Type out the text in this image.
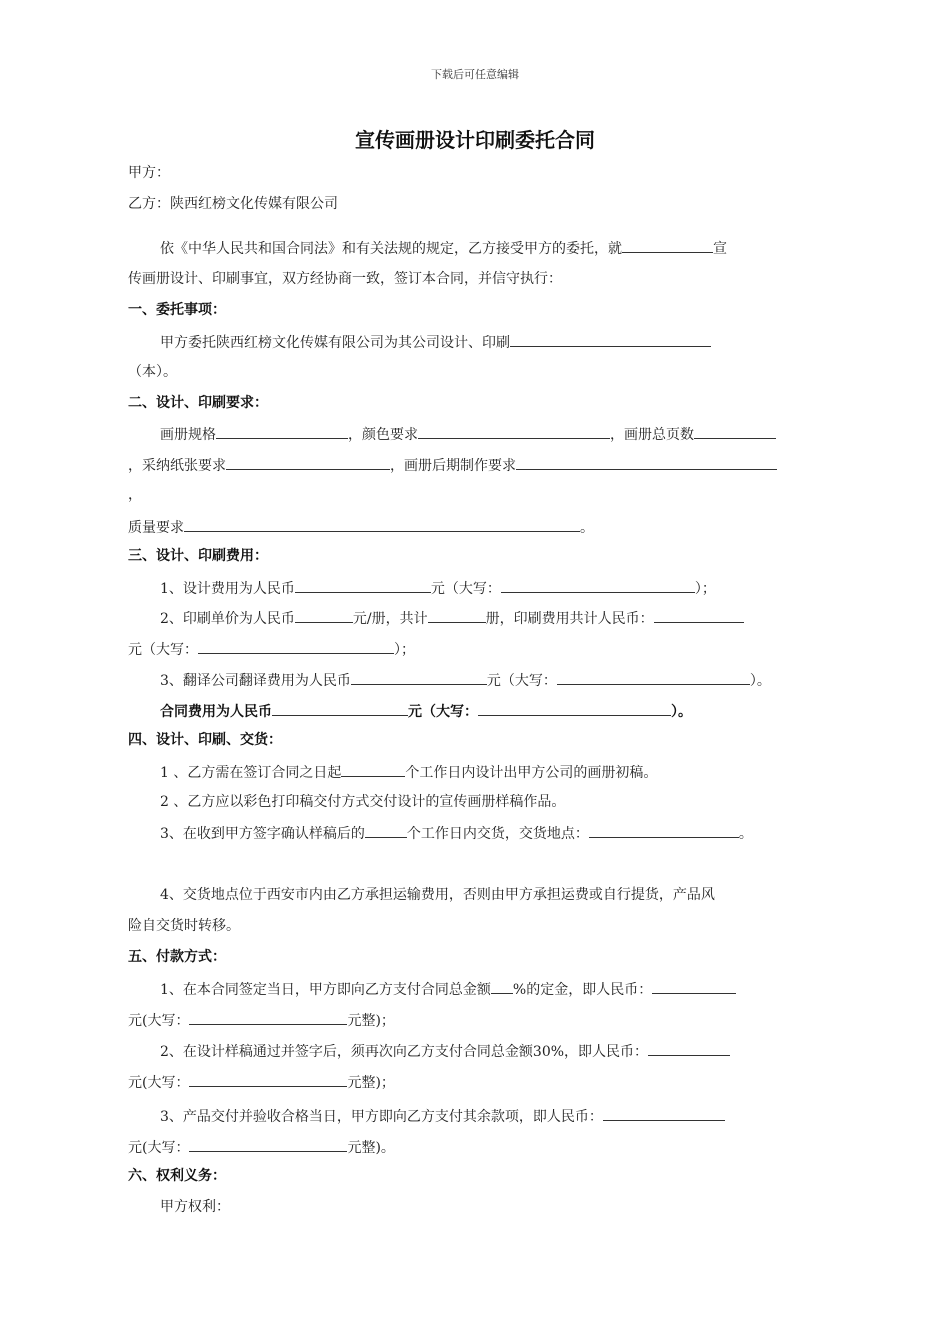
下载后可任意编辑
宣传画册设计印刷委托合同
甲方：
乙方：陕西红榜文化传媒有限公司
依《中华人民共和国合同法》和有关法规的规定，乙方接受甲方的委托，就	宣
传画册设计、印刷事宜，双方经协商一致，签订本合同，并信守执行：
一、委托事项：
甲方委托陕西红榜文化传媒有限公司为其公司设计、印刷
（本）。
二、设计、印刷要求：
画册规格	，颜色要求	，画册总页数
，采纳纸张要求	，画册后期制作要求
，
质量要求	。
三、设计、印刷费用：
1、设计费用为人民币	元（大写：	）；
2、印刷单价为人民币	元/册，共计	册，印刷费用共计人民币：
元（大写：	）；
3、翻译公司翻译费用为人民币	元（大写：	）。
合同费用为人民币	元（大写：	）。
四、设计、印刷、交货：
1 、乙方需在签订合同之日起	个工作日内设计出甲方公司的画册初稿。
2 、乙方应以彩色打印稿交付方式交付设计的宣传画册样稿作品。
3、在收到甲方签字确认样稿后的	个工作日内交货，交货地点：	。
4、交货地点位于西安市内由乙方承担运输费用，否则由甲方承担运费或自行提货，产品风
险自交货时转移。
五、付款方式：
1、在本合同签定当日，甲方即向乙方支付合同总金额 %的定金，即人民币：
元(大写：	元整)；
2、在设计样稿通过并签字后，须再次向乙方支付合同总金额30%，即人民币：
元(大写：	元整)；
3、产品交付并验收合格当日，甲方即向乙方支付其余款项，即人民币：
元(大写：	元整)。
六、权利义务：
甲方权利：
